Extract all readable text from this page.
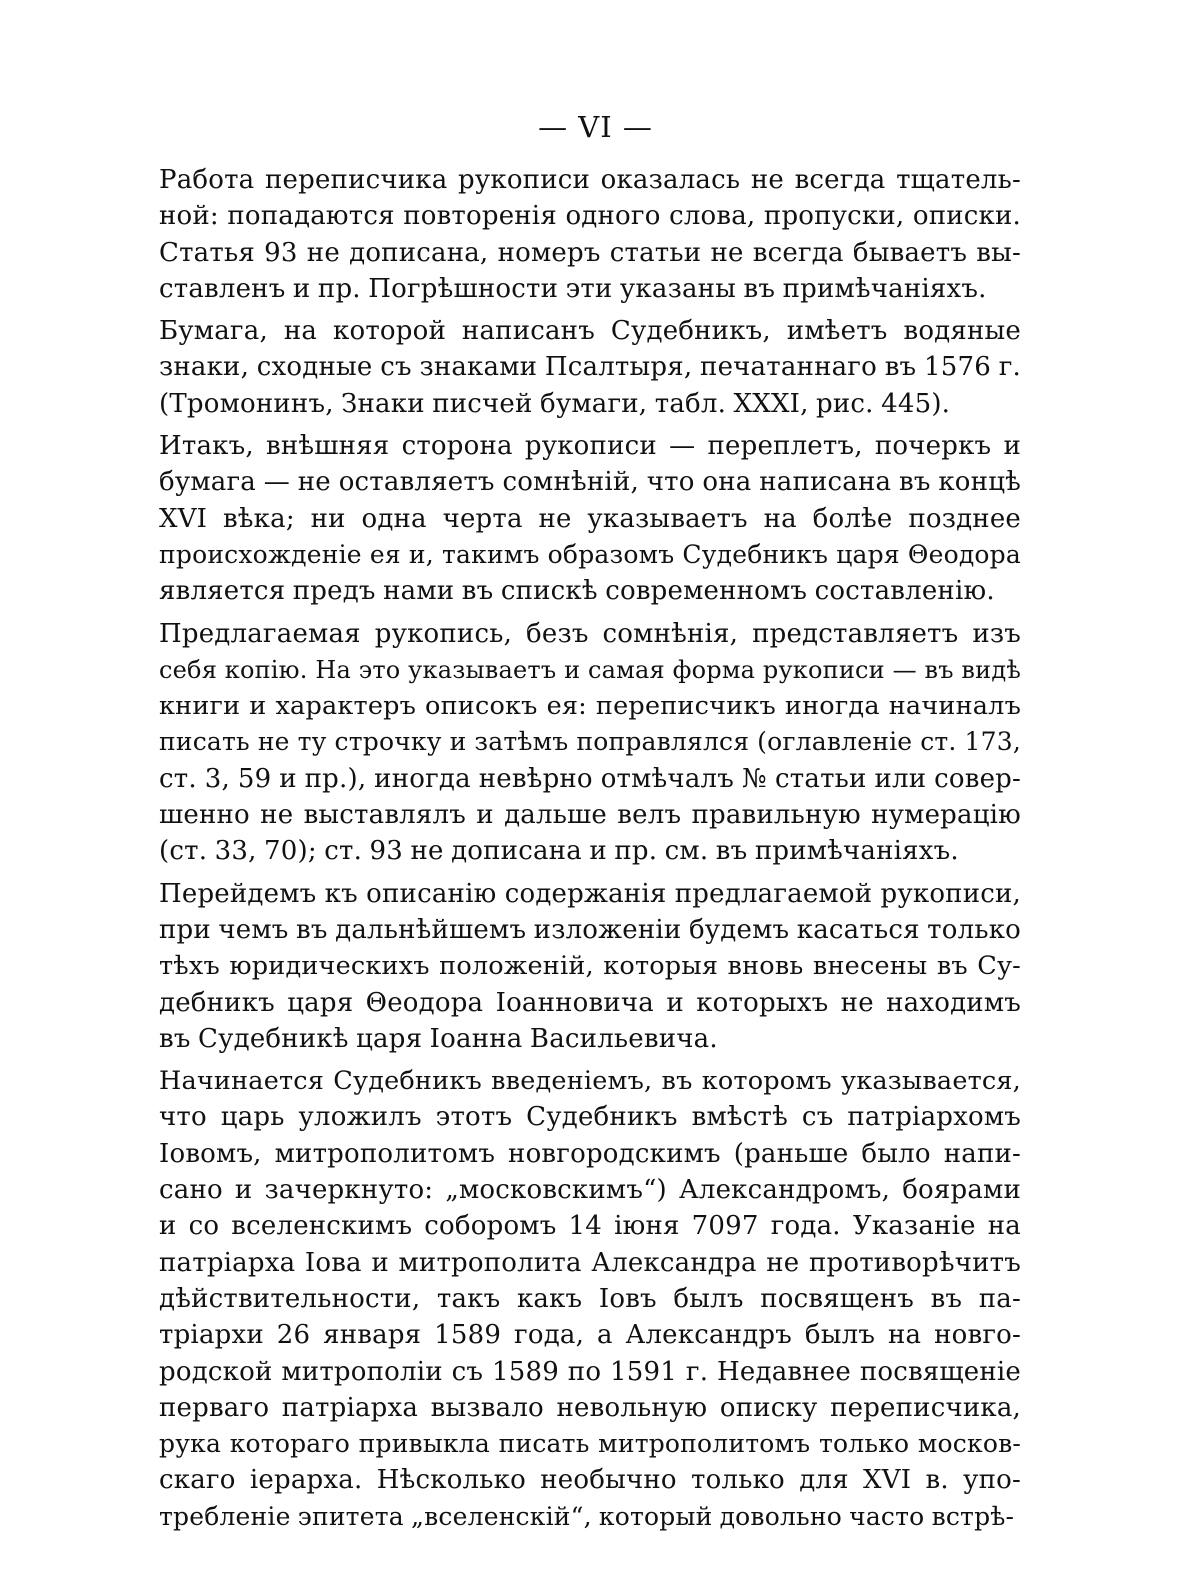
— VI —
Работа переписчика рукописи оказалась не всегда тщатель-
ной: попадаются повторенія одного слова, пропуски, описки.
Статья 93 не дописана, номеръ статьи не всегда бываетъ вы-
ставленъ и пр. Погрѣшности эти указаны въ примѣчаніяхъ.
Бумага, на которой написанъ Судебникъ, имѣетъ водяные
знаки, сходные съ знаками Псалтыря, печатаннаго въ 1576 г.
(Тромонинъ, Знаки писчей бумаги, табл. XXXI, рис. 445).
Итакъ, внѣшняя сторона рукописи — переплетъ, почеркъ и
бумага — не оставляетъ сомнѣній, что она написана въ концѣ
XVI вѣка; ни одна черта не указываетъ на болѣе позднее
происхожденіе ея и, такимъ образомъ Судебникъ царя Θеодора
является предъ нами въ спискѣ современномъ составленію.
Предлагаемая рукопись, безъ сомнѣнія, представляетъ изъ
себя копію. На это указываетъ и самая форма рукописи — въ видѣ
книги и характеръ описокъ ея: переписчикъ иногда начиналъ
писать не ту строчку и затѣмъ поправлялся (оглавленіе ст. 173,
ст. 3, 59 и пр.), иногда невѣрно отмѣчалъ № статьи или совер-
шенно не выставлялъ и дальше велъ правильную нумерацію
(ст. 33, 70); ст. 93 не дописана и пр. см. въ примѣчаніяхъ.
Перейдемъ къ описанію содержанія предлагаемой рукописи,
при чемъ въ дальнѣйшемъ изложеніи будемъ касаться только
тѣхъ юридическихъ положеній, которыя вновь внесены въ Су-
дебникъ царя Θеодора Іоанновича и которыхъ не находимъ
въ Судебникѣ царя Іоанна Васильевича.
Начинается Судебникъ введеніемъ, въ которомъ указывается,
что царь уложилъ этотъ Судебникъ вмѣстѣ съ патріархомъ
Іовомъ, митрополитомъ новгородскимъ (раньше было напи-
сано и зачеркнуто: „московскимъ“) Александромъ, боярами
и со вселенскимъ соборомъ 14 іюня 7097 года. Указаніе на
патріарха Іова и митрополита Александра не противорѣчитъ
дѣйствительности, такъ какъ Іовъ былъ посвященъ въ па-
тріархи 26 января 1589 года, а Александръ былъ на новго-
родской митрополіи съ 1589 по 1591 г. Недавнее посвященіе
перваго патріарха вызвало невольную описку переписчика,
рука котораго привыкла писать митрополитомъ только москов-
скаго іерарха. Нѣсколько необычно только для XVI в. упо-
требленіе эпитета „вселенскій“, который довольно часто встрѣ-
